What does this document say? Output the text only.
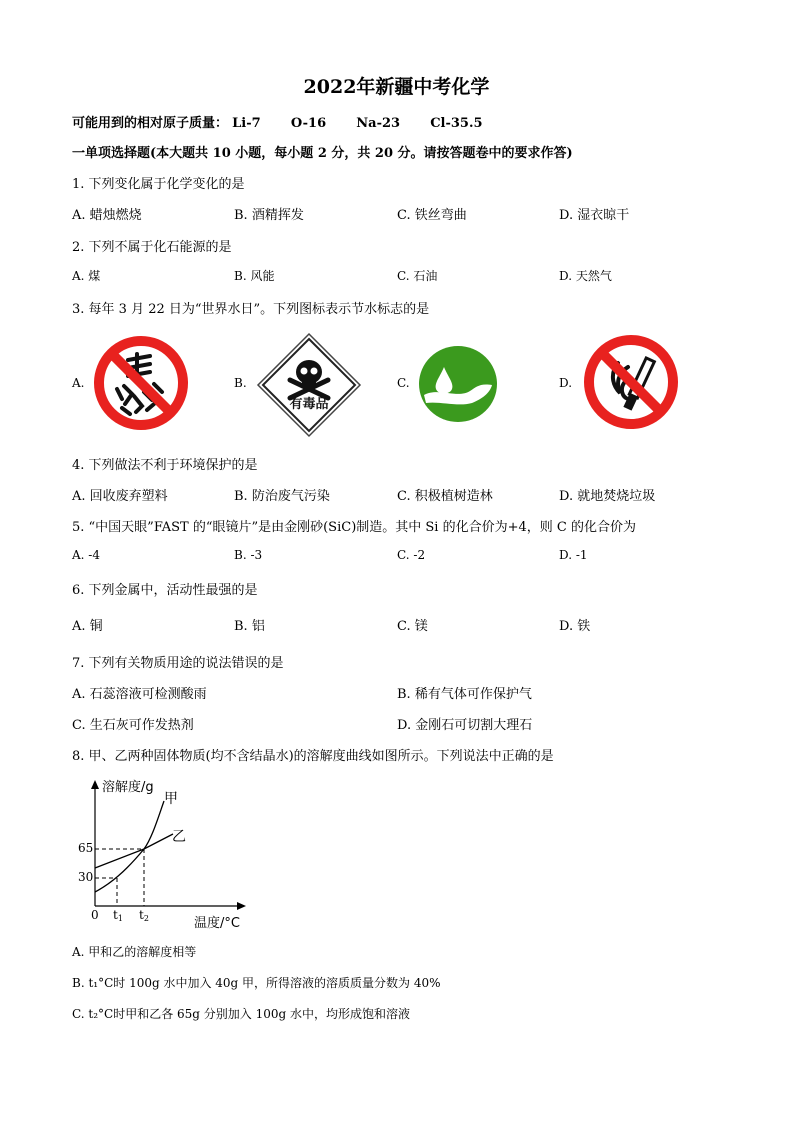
2022年新疆中考化学
可能用到的相对原子质量： Li-7 O-16 Na-23 Cl-35.5
一单项选择题(本大题共 10 小题，每小题 2 分，共 20 分。请按答题卷中的要求作答)
1. 下列变化属于化学变化的是
A. 蜡烛燃烧	B. 酒精挥发	C. 铁丝弯曲	D. 湿衣晾干
2. 下列不属于化石能源的是
A. 煤	B. 风能	C. 石油	D. 天然气
3. 每年 3 月 22 日为“世界水日”。下列图标表示节水标志的是
A.	B.
有毒品
C.	D.
4. 下列做法不利于环境保护的是
A. 回收废弃塑料	B. 防治废气污染	C. 积极植树造林	D. 就地焚烧垃圾
5. “中国天眼”FAST 的“眼镜片”是由金刚砂(SiC)制造。其中 Si 的化合价为+4，则 C 的化合价为
A. -4	B. -3	C. -2	D. -1
6. 下列金属中，活动性最强的是
A. 铜	B. 铝	C. 镁	D. 铁
7. 下列有关物质用途的说法错误的是
A. 石蕊溶液可检测酸雨	B. 稀有气体可作保护气
C. 生石灰可作发热剂	D. 金刚石可切割大理石
8. 甲、乙两种固体物质(均不含结晶水)的溶解度曲线如图所示。下列说法中正确的是
溶解度/g
甲
乙
65
30
0 $t_1$ $t_2$	温度/°C
A. 甲和乙的溶解度相等
B. t₁°C时 100g 水中加入 40g 甲，所得溶液的溶质质量分数为 40%
C. t₂°C时甲和乙各 65g 分别加入 100g 水中，均形成饱和溶液
